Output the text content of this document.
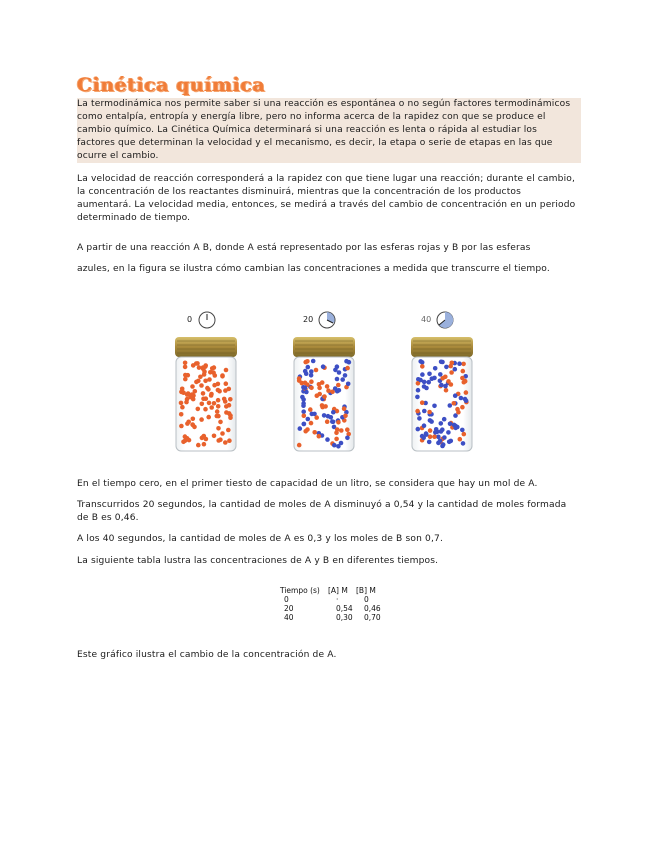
Cinética química
La termodinámica nos permite saber si una reacción es espontánea o no según factores termodinámicos
como entalpía, entropía y energía libre, pero no informa acerca de la rapidez con que se produce el
cambio químico. La Cinética Química determinará si una reacción es lenta o rápida al estudiar los
factores que determinan la velocidad y el mecanismo, es decir, la etapa o serie de etapas en las que
ocurre el cambio.
La velocidad de reacción corresponderá a la rapidez con que tiene lugar una reacción; durante el cambio,
la concentración de los reactantes disminuirá, mientras que la concentración de los productos
aumentará. La velocidad media, entonces, se medirá a través del cambio de concentración en un periodo
determinado de tiempo.
A partir de una reacción A B, donde A está representado por las esferas rojas y B por las esferas
azules, en la figura se ilustra cómo cambian las concentraciones a medida que transcurre el tiempo.
0	20	40
En el tiempo cero, en el primer tiesto de capacidad de un litro, se considera que hay un mol de A.
Transcurridos 20 segundos, la cantidad de moles de A disminuyó a 0,54 y la cantidad de moles formada
de B es 0,46.
A los 40 segundos, la cantidad de moles de A es 0,3 y los moles de B son 0,7.
La siguiente tabla lustra las concentraciones de A y B en diferentes tiempos.
Tiempo (s)	[A] M	[B] M
0	·	0
20	0,54	0,46
40	0,30	0,70
Este gráfico ilustra el cambio de la concentración de A.
